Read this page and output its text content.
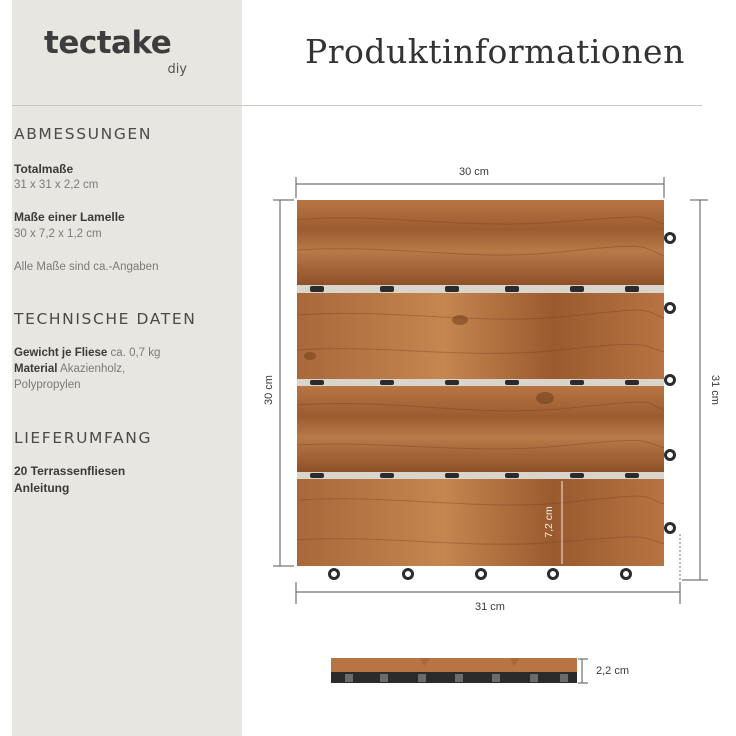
tectake
diy	Produktinformationen
ABMESSUNGEN
Totalmaße
31 x 31 x 2,2 cm
Maße einer Lamelle
30 x 7,2 x 1,2 cm
Alle Maße sind ca.-Angaben
TECHNISCHE DATEN
Gewicht je Fliese ca. 0,7 kg
Material Akazienholz,
Polypropylen
LIEFERUMFANG
20 Terrassenfliesen
Anleitung
30 cm
30 cm	31 cm
31 cm
7,2 cm
2,2 cm
